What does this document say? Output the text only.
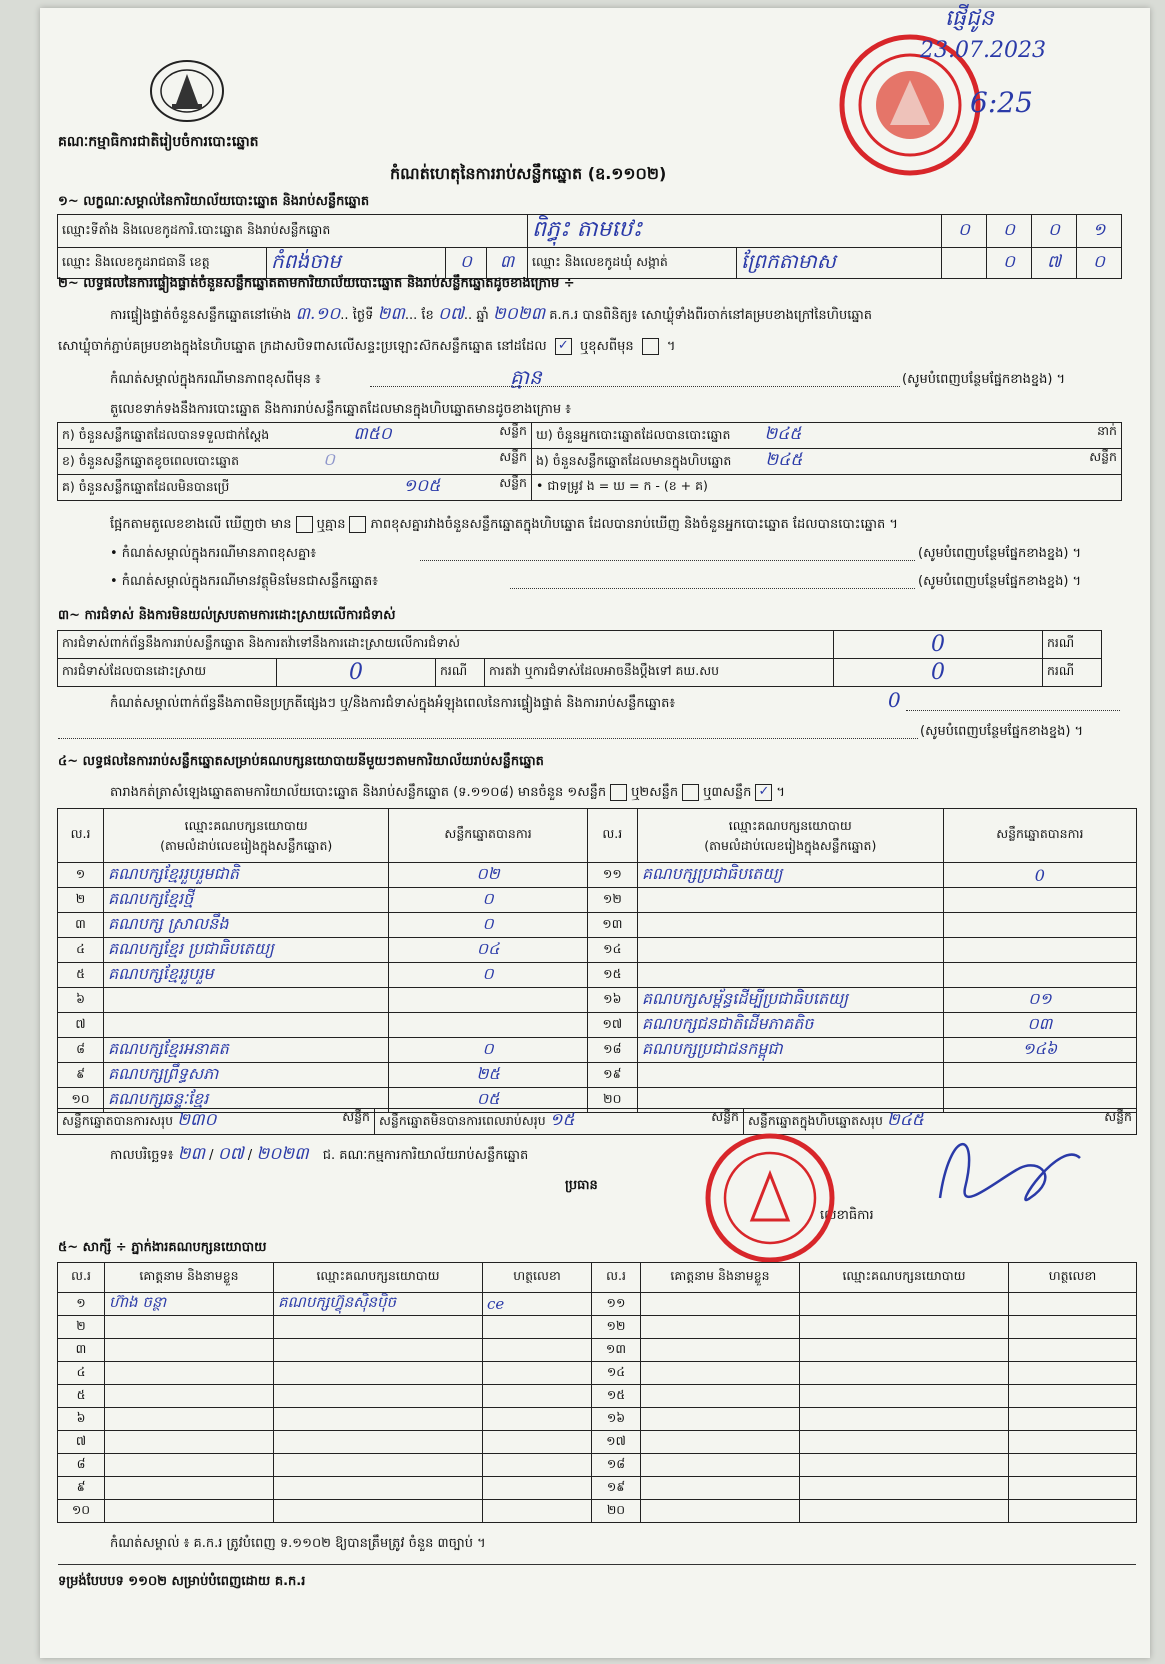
ផ្ញើជូន
23.07.2023
6:25
គណៈកម្មាធិការជាតិរៀបចំការបោះឆ្នោត
កំណត់ហេតុនៃការរាប់សន្លឹកឆ្នោត (ឧ.១១០២)
១~ លក្ខណៈសម្គាល់នៃការិយាល័យបោះឆ្នោត និងរាប់សន្លឹកឆ្នោត
ឈ្មោះទីតាំង និងលេខកូដការិ.បោះឆ្នោត និងរាប់សន្លឹកឆ្នោត				ពិភ្ធុះ តាមឋេះ		០	០	០	១
ឈ្មោះ និងលេខកូដរាជធានី ខេត្ត	កំពង់ចាម	០	៣	ឈ្មោះ និងលេខកូដឃុំ សង្កាត់	ព្រែកតាមាស		០	៧	០
២~ លទ្ធផលនៃការផ្ទៀងផ្ទាត់ចំនួនសន្លឹកឆ្នោតតាមការិយាល័យបោះឆ្នោត និងរាប់សន្លឹកឆ្នោតដូចខាងក្រោម ÷
ការផ្ទៀងផ្ទាត់ចំនួនសន្លឹកឆ្នោតនៅម៉ោង ៣.១០.. ថ្ងៃទី ២៣... ខែ ០៧.. ឆ្នាំ ២០២៣ គ.ក.រ បានពិនិត្យ៖ សោឃ្លុំទាំងពីរចាក់នៅគម្របខាងក្រៅនៃហិបឆ្នោត
សោឃ្លុំចាក់ភ្ជាប់គម្របខាងក្នុងនៃហិបឆ្នោត ក្រដាសបិទពាសលើសន្ទះប្រឡោះស៊កសន្លឹកឆ្នោត នៅដដែល ✓ ឬខុសពីមុន  ។
កំណត់សម្គាល់ក្នុងករណីមានភាពខុសពីមុន ៖	គ្មាន	(សូមបំពេញបន្ថែមផ្នែកខាងខ្នង) ។
តួលេខទាក់ទងនឹងការបោះឆ្នោត និងការរាប់សន្លឹកឆ្នោតដែលមានក្នុងហិបឆ្នោតមានដូចខាងក្រោម ៖
ក) ចំនួនសន្លឹកឆ្នោតដែលបានទទួលជាក់ស្តែង ៣៥០ សន្លឹក	ឃ) ចំនួនអ្នកបោះឆ្នោតដែលបានបោះឆ្នោត ២៤៥ នាក់

ខ) ចំនួនសន្លឹកឆ្នោតខូចពេលបោះឆ្នោត ០ សន្លឹក	ង) ចំនួនសន្លឹកឆ្នោតដែលមានក្នុងហិបឆ្នោត ២៤៥ សន្លឹក

គ) ចំនួនសន្លឹកឆ្នោតដែលមិនបានប្រើ ១០៥ សន្លឹក	• ជាទម្រូវ ង = ឃ = ក - (ខ + គ)
ផ្អែកតាមតួលេខខាងលើ ឃើញថា មាន ឬគ្មាន ភាពខុសគ្នារវាងចំនួនសន្លឹកឆ្នោតក្នុងហិបឆ្នោត ដែលបានរាប់ឃើញ និងចំនួនអ្នកបោះឆ្នោត ដែលបានបោះឆ្នោត ។
• កំណត់សម្គាល់ក្នុងករណីមានភាពខុសគ្នា៖	(សូមបំពេញបន្ថែមផ្នែកខាងខ្នង) ។
• កំណត់សម្គាល់ក្នុងករណីមានវត្ថុមិនមែនជាសន្លឹកឆ្នោត៖	(សូមបំពេញបន្ថែមផ្នែកខាងខ្នង) ។
៣~ ការជំទាស់ និងការមិនយល់ស្របតាមការដោះស្រាយលើការជំទាស់
ការជំទាស់ពាក់ព័ន្ធនឹងការរាប់សន្លឹកឆ្នោត និងការតវ៉ាទៅនឹងការដោះស្រាយលើការជំទាស់				0	ករណី
ការជំទាស់ដែលបានដោះស្រាយ	0	ករណី	ការតវ៉ា ឬការជំទាស់ដែលអាចនឹងប្តឹងទៅ គឃ.សប	0	ករណី
កំណត់សម្គាល់ពាក់ព័ន្ធនឹងភាពមិនប្រក្រតីផ្សេងៗ ឬ/និងការជំទាស់ក្នុងអំឡុងពេលនៃការផ្ទៀងផ្ទាត់ និងការរាប់សន្លឹកឆ្នោត៖	0
(សូមបំពេញបន្ថែមផ្នែកខាងខ្នង) ។
៤~ លទ្ធផលនៃការរាប់សន្លឹកឆ្នោតសម្រាប់គណបក្សនយោបាយនីមួយៗតាមការិយាល័យរាប់សន្លឹកឆ្នោត
តារាងកត់ត្រាសំឡេងឆ្នោតតាមការិយាល័យបោះឆ្នោត និងរាប់សន្លឹកឆ្នោត (ទ.១១០៨) មានចំនួន ១សន្លឹក ឬ២សន្លឹក ឬ៣សន្លឹក ✓ ។
ល.រ	ឈ្មោះគណបក្សនយោបាយ
(តាមលំដាប់លេខរៀងក្នុងសន្លឹកឆ្នោត)	សន្លឹកឆ្នោតបានការ	ល.រ	ឈ្មោះគណបក្សនយោបាយ
(តាមលំដាប់លេខរៀងក្នុងសន្លឹកឆ្នោត)	សន្លឹកឆ្នោតបានការ
១	គណបក្សខ្មែររួបរួមជាតិ	០២	១១	គណបក្សប្រជាធិបតេយ្យ	0
២	គណបក្សខ្មែរថ្មី	០	១២		
៣	គណបក្ស ស្រាលនឹង	០	១៣		
៤	គណបក្សខ្មែរ ប្រជាធិបតេយ្យ	០៤	១៤		
៥	គណបក្សខ្មែររួបរួម	០	១៥		
៦			១៦	គណបក្សសម្ព័ន្ធដើម្បីប្រជាធិបតេយ្យ	០១
៧			១៧	គណបក្សជនជាតិដើមភាគតិច	០៣
៨	គណបក្សខ្មែរអនាគត	០	១៨	គណបក្សប្រជាជនកម្ពុជា	១៤៦
៩	គណបក្សព្រឹទ្ធសភា	២៥	១៩		
១០	គណបក្សឆន្ទៈខ្មែរ	០៥	២០		
សន្លឹកឆ្នោតបានការសរុប ២៣០	សន្លឹក	សន្លឹកឆ្នោតមិនបានការពេលរាប់សរុប ១៥	សន្លឹក	សន្លឹកឆ្នោតក្នុងហិបឆ្នោតសរុប ២៤៥	សន្លឹក
កាលបរិច្ឆេទ៖ ២៣ / ០៧ / ២០២៣ ជ. គណៈកម្មការការិយាល័យរាប់សន្លឹកឆ្នោត
ប្រធាន
លេខាធិការ
៥~ សាក្សី ÷ ភ្នាក់ងារគណបក្សនយោបាយ
ល.រ	គោត្តនាម និងនាមខ្លួន	ឈ្មោះគណបក្សនយោបាយ	ហត្ថលេខា	ល.រ	គោត្តនាម និងនាមខ្លួន	ឈ្មោះគណបក្សនយោបាយ	ហត្ថលេខា
១	ហ៊ាង ចន្ថា	គណបក្សហ៊្វុនស៊ិនប៉ិច	ce	១១			
២				១២			
៣				១៣			
៤				១៤			
៥				១៥			
៦				១៦			
៧				១៧			
៨				១៨			
៩				១៩			
១០				២០			
កំណត់សម្គាល់ ៖ គ.ក.រ ត្រូវបំពេញ ទ.១១០២ ឱ្យបានត្រឹមត្រូវ ចំនួន ៣ច្បាប់ ។
ទម្រង់បែបបទ ១១០២ សម្រាប់បំពេញដោយ គ.ក.រ
